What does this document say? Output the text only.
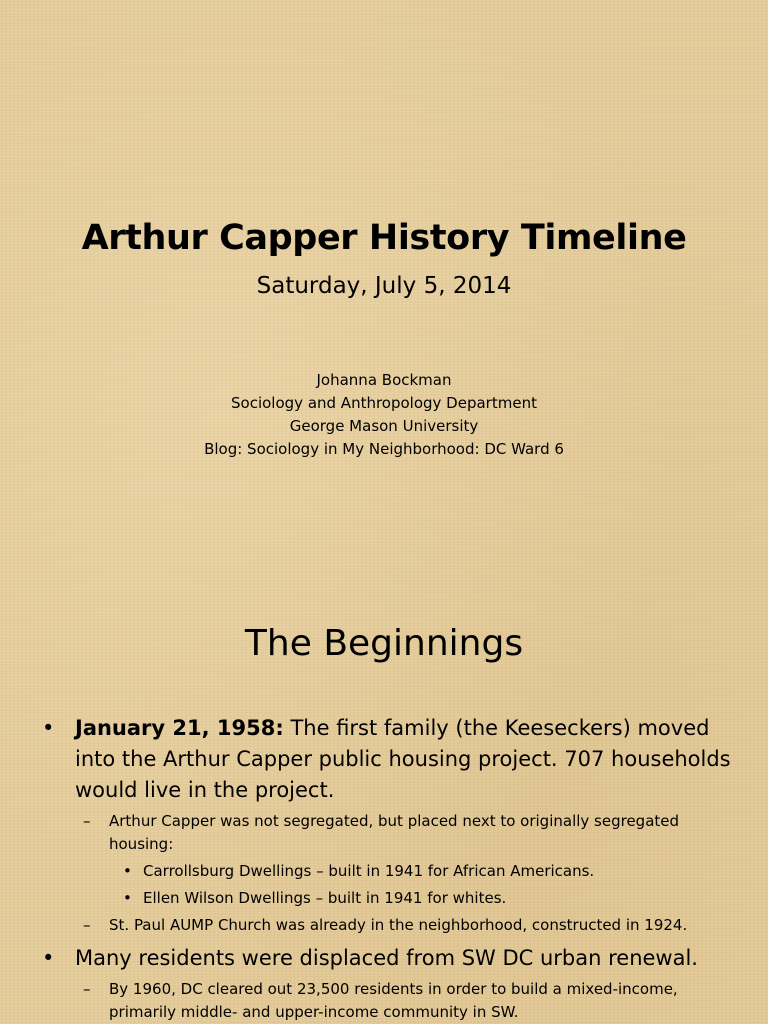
Arthur Capper History Timeline
Saturday, July 5, 2014
Johanna Bockman
Sociology and Anthropology Department
George Mason University
Blog: Sociology in My Neighborhood: DC Ward 6
The Beginnings
• January 21, 1958: The first family (the Keeseckers) moved into the Arthur Capper public housing project. 707 households would live in the project.
– Arthur Capper was not segregated, but placed next to originally segregated housing:
• Carrollsburg Dwellings – built in 1941 for African Americans.
• Ellen Wilson Dwellings – built in 1941 for whites.
– St. Paul AUMP Church was already in the neighborhood, constructed in 1924.
• Many residents were displaced from SW DC urban renewal.
– By 1960, DC cleared out 23,500 residents in order to build a mixed-income, primarily middle- and upper-income community in SW.
